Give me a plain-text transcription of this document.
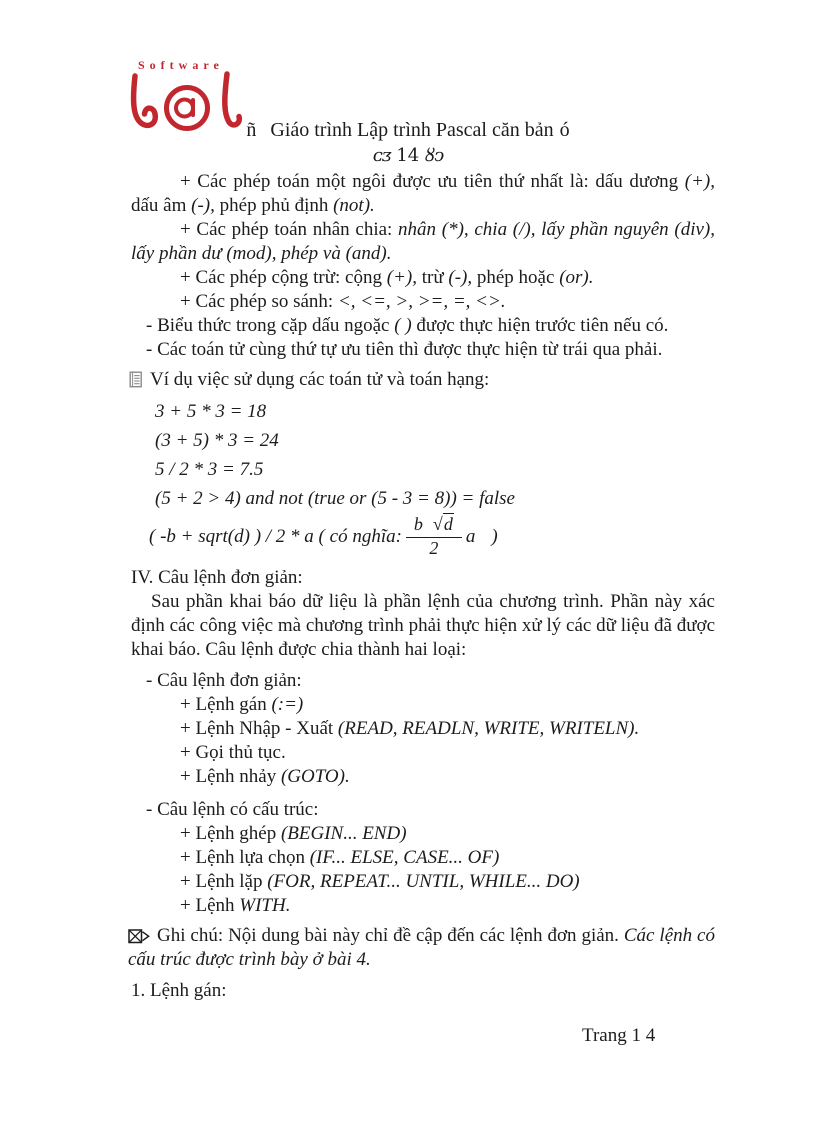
Software
ñ Giáo trình Lập trình Pascal căn bản ó
ᴄᴣ 14 ȣↄ
+ Các phép toán một ngôi được ưu tiên thứ nhất là: dấu dương (+), dấu âm (-), phép phủ định (not).
+ Các phép toán nhân chia: nhân (*), chia (/), lấy phần nguyên (div), lấy phần dư (mod), phép và (and).
+ Các phép cộng trừ: cộng (+), trừ (-), phép hoặc (or).
+ Các phép so sánh: <, <=, >, >=, =, <>.
- Biểu thức trong cặp dấu ngoặc ( ) được thực hiện trước tiên nếu có.
- Các toán tử cùng thứ tự ưu tiên thì được thực hiện từ trái qua phải.
Ví dụ việc sử dụng các toán tử và toán hạng:
3 + 5 * 3 = 18
(3 + 5) * 3 = 24
5 / 2 * 3 = 7.5
(5 + 2 > 4) and not (true or (5 - 3 = 8)) = false
( -b + sqrt(d) ) / 2 * a ( có nghĩa: $\frac{b √d}{2}$ a )
IV. Câu lệnh đơn giản:
Sau phần khai báo dữ liệu là phần lệnh của chương trình. Phần này xác định các công việc mà chương trình phải thực hiện xử lý các dữ liệu đã được khai báo. Câu lệnh được chia thành hai loại:
- Câu lệnh đơn giản:
+ Lệnh gán (:=)
+ Lệnh Nhập - Xuất (READ, READLN, WRITE, WRITELN).
+ Gọi thủ tục.
+ Lệnh nhảy (GOTO).
- Câu lệnh có cấu trúc:
+ Lệnh ghép (BEGIN... END)
+ Lệnh lựa chọn (IF... ELSE, CASE... OF)
+ Lệnh lặp (FOR, REPEAT... UNTIL, WHILE... DO)
+ Lệnh WITH.
Ghi chú: Nội dung bài này chỉ đề cập đến các lệnh đơn giản. Các lệnh có cấu trúc được trình bày ở bài 4.
1. Lệnh gán:
Trang 1 4
